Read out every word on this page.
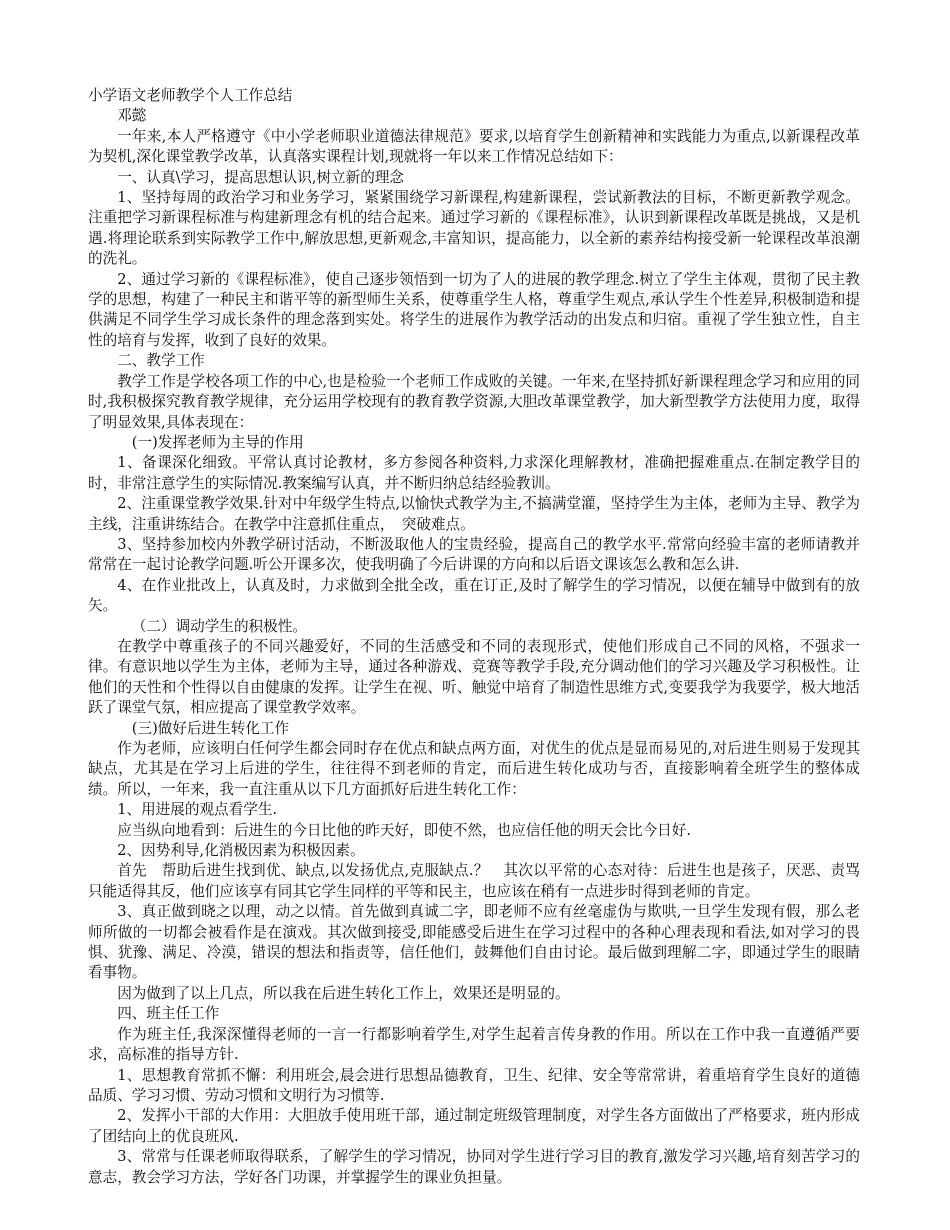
小学语文老师教学个人工作总结

邓懿

一年来,本人严格遵守《中小学老师职业道德法律规范》要求,以培育学生创新精神和实践能力为重点,以新课程改革为契机,深化课堂教学改革，认真落实课程计划,现就将一年以来工作情况总结如下：

一、认真\学习，提高思想认识,树立新的理念

1、坚持每周的政治学习和业务学习，紧紧围绕学习新课程,构建新课程，尝试新教法的目标，不断更新教学观念。注重把学习新课程标准与构建新理念有机的结合起来。通过学习新的《课程标准》，认识到新课程改革既是挑战，又是机遇.将理论联系到实际教学工作中,解放思想,更新观念,丰富知识，提高能力，以全新的素养结构接受新一轮课程改革浪潮的洗礼。

2、通过学习新的《课程标准》，使自己逐步领悟到一切为了人的进展的教学理念.树立了学生主体观，贯彻了民主教学的思想，构建了一种民主和谐平等的新型师生关系，使尊重学生人格，尊重学生观点,承认学生个性差异,积极制造和提供满足不同学生学习成长条件的理念落到实处。将学生的进展作为教学活动的出发点和归宿。重视了学生独立性，自主性的培育与发挥，收到了良好的效果。

二、教学工作

教学工作是学校各项工作的中心,也是检验一个老师工作成败的关键。一年来,在坚持抓好新课程理念学习和应用的同时,我积极探究教育教学规律，充分运用学校现有的教育教学资源,大胆改革课堂教学，加大新型教学方法使用力度，取得了明显效果,具体表现在：

(一)发挥老师为主导的作用

1、备课深化细致。平常认真讨论教材，多方参阅各种资料,力求深化理解教材，准确把握难重点.在制定教学目的时，非常注意学生的实际情况.教案编写认真，并不断归纳总结经验教训。

2、注重课堂教学效果.针对中年级学生特点,以愉快式教学为主,不搞满堂灌，坚持学生为主体，老师为主导、教学为主线，注重讲练结合。在教学中注意抓住重点，　突破难点。

3、坚持参加校内外教学研讨活动，不断汲取他人的宝贵经验，提高自己的教学水平.常常向经验丰富的老师请教并常常在一起讨论教学问题.听公开课多次，使我明确了今后讲课的方向和以后语文课该怎么教和怎么讲.

4、在作业批改上，认真及时，力求做到全批全改，重在订正,及时了解学生的学习情况，以便在辅导中做到有的放矢。

（二）调动学生的积极性。

在教学中尊重孩子的不同兴趣爱好，不同的生活感受和不同的表现形式，使他们形成自己不同的风格，不强求一律。有意识地以学生为主体，老师为主导，通过各种游戏、竞赛等教学手段,充分调动他们的学习兴趣及学习积极性。让他们的天性和个性得以自由健康的发挥。让学生在视、听、触觉中培育了制造性思维方式,变要我学为我要学，极大地活跃了课堂气氛，相应提高了课堂教学效率。

(三)做好后进生转化工作

作为老师，应该明白任何学生都会同时存在优点和缺点两方面，对优生的优点是显而易见的,对后进生则易于发现其缺点，尤其是在学习上后进的学生，往往得不到老师的肯定，而后进生转化成功与否，直接影响着全班学生的整体成绩。所以，一年来，我一直注重从以下几方面抓好后进生转化工作：

1、用进展的观点看学生.

应当纵向地看到：后进生的今日比他的昨天好，即使不然，也应信任他的明天会比今日好.

2、因势利导,化消极因素为积极因素。

首先　帮助后进生找到优、缺点,以发扬优点,克服缺点.？　其次以平常的心态对待：后进生也是孩子，厌恶、责骂只能适得其反，他们应该享有同其它学生同样的平等和民主，也应该在稍有一点进步时得到老师的肯定。

3、真正做到晓之以理，动之以情。首先做到真诚二字，即老师不应有丝毫虚伪与欺哄,一旦学生发现有假，那么老师所做的一切都会被看作是在演戏。其次做到接受,即能感受后进生在学习过程中的各种心理表现和看法,如对学习的畏惧、犹豫、满足、冷漠，错误的想法和指责等，信任他们，鼓舞他们自由讨论。最后做到理解二字，即通过学生的眼睛看事物。

因为做到了以上几点，所以我在后进生转化工作上，效果还是明显的。

四、班主任工作

作为班主任,我深深懂得老师的一言一行都影响着学生,对学生起着言传身教的作用。所以在工作中我一直遵循严要求，高标准的指导方针.

1、思想教育常抓不懈：利用班会,晨会进行思想品德教育，卫生、纪律、安全等常常讲，着重培育学生良好的道德品质、学习习惯、劳动习惯和文明行为习惯等.

2、发挥小干部的大作用：大胆放手使用班干部，通过制定班级管理制度，对学生各方面做出了严格要求，班内形成了团结向上的优良班风.

3、常常与任课老师取得联系，了解学生的学习情况，协同对学生进行学习目的教育,激发学习兴趣,培育刻苦学习的意志，教会学习方法，学好各门功课，并掌握学生的课业负担量。
